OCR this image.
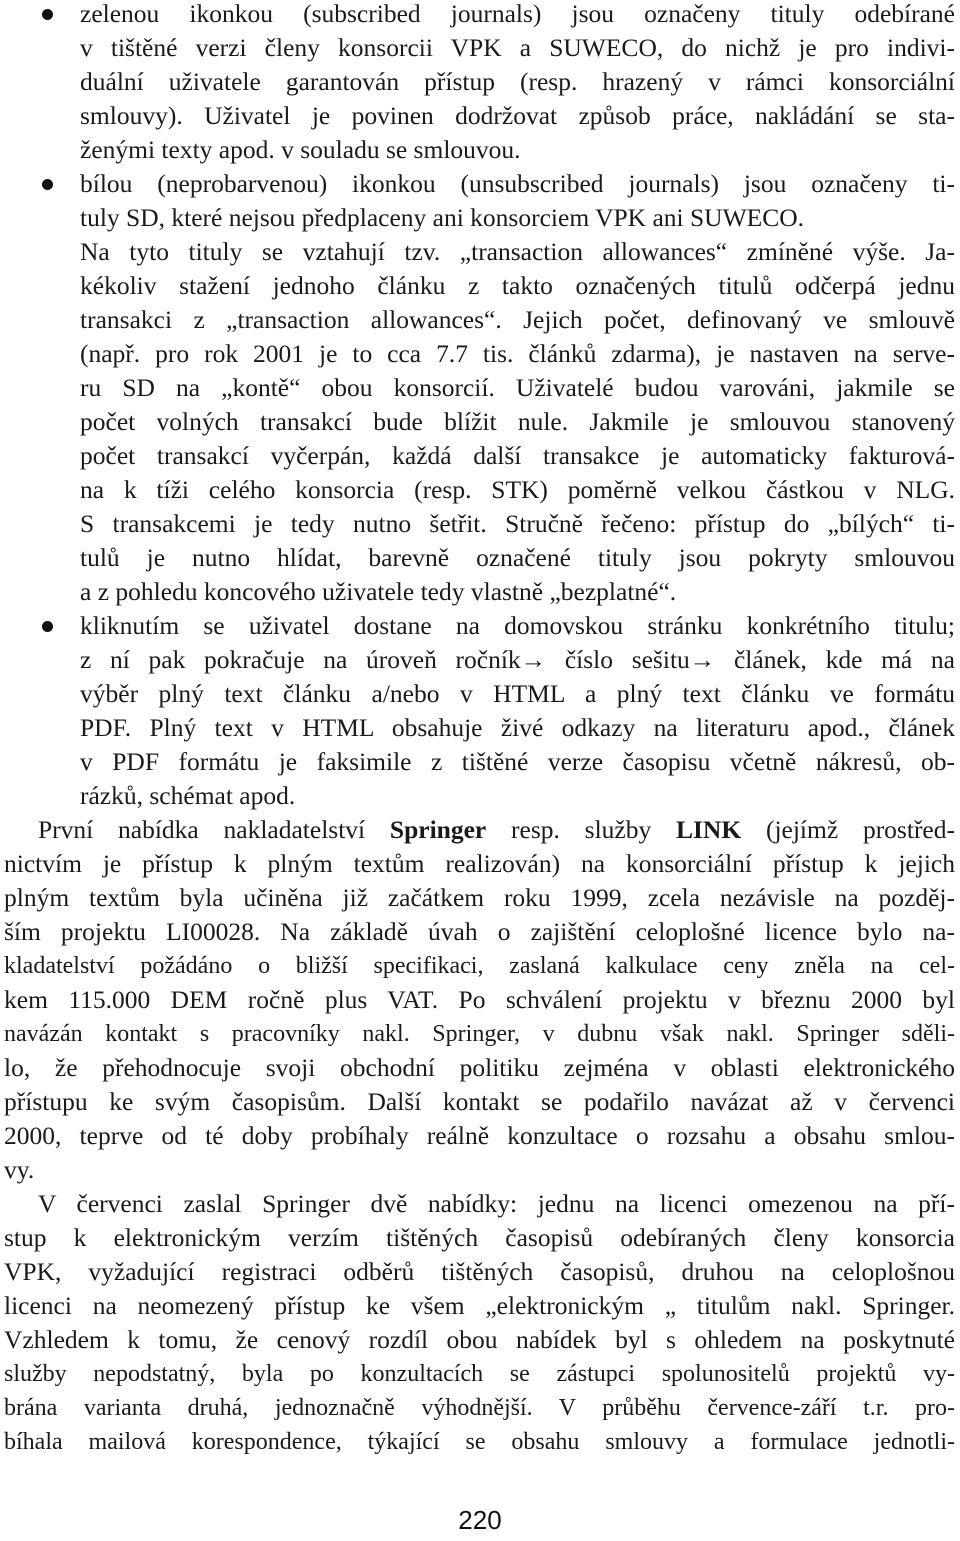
zelenou ikonkou (subscribed journals) jsou označeny tituly odebírané

v tištěné verzi členy konsorcii VPK a SUWECO, do nichž je pro indivi-

duální uživatele garantován přístup (resp. hrazený v rámci konsorciální

smlouvy). Uživatel je povinen dodržovat způsob práce, nakládání se sta-

ženými texty apod. v souladu se smlouvou.

bílou (neprobarvenou) ikonkou (unsubscribed journals) jsou označeny ti-

tuly SD, které nejsou předplaceny ani konsorciem VPK ani SUWECO.

Na tyto tituly se vztahují tzv. „transaction allowances“ zmíněné výše. Ja-

kékoliv stažení jednoho článku z takto označených titulů odčerpá jednu

transakci z „transaction allowances“. Jejich počet, definovaný ve smlouvě

(např. pro rok 2001 je to cca 7.7 tis. článků zdarma), je nastaven na serve-

ru SD na „kontě“ obou konsorcií. Uživatelé budou varováni, jakmile se

počet volných transakcí bude blížit nule. Jakmile je smlouvou stanovený

počet transakcí vyčerpán, každá další transakce je automaticky fakturová-

na k tíži celého konsorcia (resp. STK) poměrně velkou částkou v NLG.

S transakcemi je tedy nutno šetřit. Stručně řečeno: přístup do „bílých“ ti-

tulů je nutno hlídat, barevně označené tituly jsou pokryty smlouvou

a z pohledu koncového uživatele tedy vlastně „bezplatné“.

kliknutím se uživatel dostane na domovskou stránku konkrétního titulu;

z ní pak pokračuje na úroveň ročník→ číslo sešitu→ článek, kde má na

výběr plný text článku a/nebo v HTML a plný text článku ve formátu

PDF. Plný text v HTML obsahuje živé odkazy na literaturu apod., článek

v PDF formátu je faksimile z tištěné verze časopisu včetně nákresů, ob-

rázků, schémat apod.

První nabídka nakladatelství Springer resp. služby LINK (jejímž prostřed-

nictvím je přístup k plným textům realizován) na konsorciální přístup k jejich

plným textům byla učiněna již začátkem roku 1999, zcela nezávisle na pozděj-

ším projektu LI00028. Na základě úvah o zajištění celoplošné licence bylo na-

kladatelství požádáno o bližší specifikaci, zaslaná kalkulace ceny zněla na cel-

kem 115.000 DEM ročně plus VAT. Po schválení projektu v březnu 2000 byl

navázán kontakt s pracovníky nakl. Springer, v dubnu však nakl. Springer sděli-

lo, že přehodnocuje svoji obchodní politiku zejména v oblasti elektronického

přístupu ke svým časopisům. Další kontakt se podařilo navázat až v červenci

2000, teprve od té doby probíhaly reálně konzultace o rozsahu a obsahu smlou-

vy.

V červenci zaslal Springer dvě nabídky: jednu na licenci omezenou na pří-

stup k elektronickým verzím tištěných časopisů odebíraných členy konsorcia

VPK, vyžadující registraci odběrů tištěných časopisů, druhou na celoplošnou

licenci na neomezený přístup ke všem „elektronickým „ titulům nakl. Springer.

Vzhledem k tomu, že cenový rozdíl obou nabídek byl s ohledem na poskytnuté

služby nepodstatný, byla po konzultacích se zástupci spolunositelů projektů vy-

brána varianta druhá, jednoznačně výhodnější. V průběhu července-září t.r. pro-

bíhala mailová korespondence, týkající se obsahu smlouvy a formulace jednotli-

220
